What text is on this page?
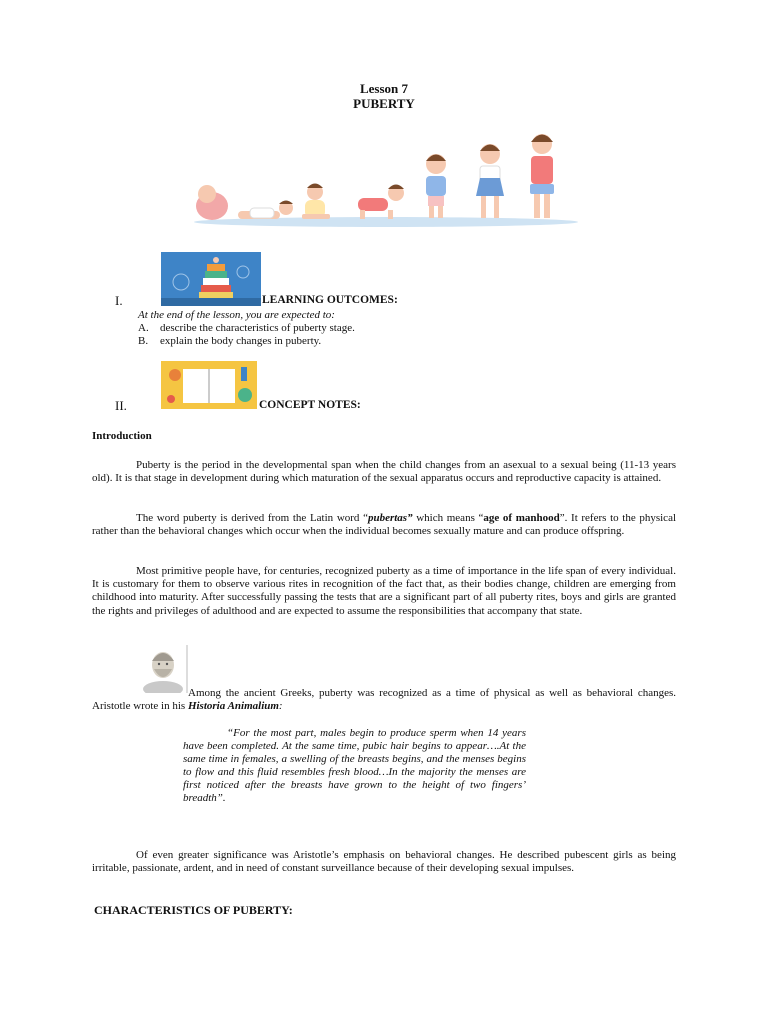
Lesson 7
PUBERTY
I.	LEARNING OUTCOMES:
At the end of the lesson, you are expected to:
A. describe the characteristics of puberty stage.
B. explain the body changes in puberty.
II.	CONCEPT NOTES:
Introduction
Puberty is the period in the developmental span when the child changes from an asexual to a sexual being (11-13 years old). It is that stage in development during which maturation of the sexual apparatus occurs and reproductive capacity is attained.
The word puberty is derived from the Latin word “pubertas” which means “age of manhood”. It refers to the physical rather than the behavioral changes which occur when the individual becomes sexually mature and can produce offspring.
Most primitive people have, for centuries, recognized puberty as a time of importance in the life span of every individual. It is customary for them to observe various rites in recognition of the fact that, as their bodies change, children are emerging from childhood into maturity. After successfully passing the tests that are a significant part of all puberty rites, boys and girls are granted the rights and privileges of adulthood and are expected to assume the responsibilities that accompany that state.
Among the ancient Greeks, puberty was recognized as a time of physical as well as behavioral changes. Aristotle wrote in his Historia Animalium:
“For the most part, males begin to produce sperm when 14 years have been completed. At the same time, pubic hair begins to appear….At the same time in females, a swelling of the breasts begins, and the menses begins to flow and this fluid resembles fresh blood…In the majority the menses are first noticed after the breasts have grown to the height of two fingers’ breadth”.
Of even greater significance was Aristotle’s emphasis on behavioral changes. He described pubescent girls as being irritable, passionate, ardent, and in need of constant surveillance because of their developing sexual impulses.
CHARACTERISTICS OF PUBERTY:
